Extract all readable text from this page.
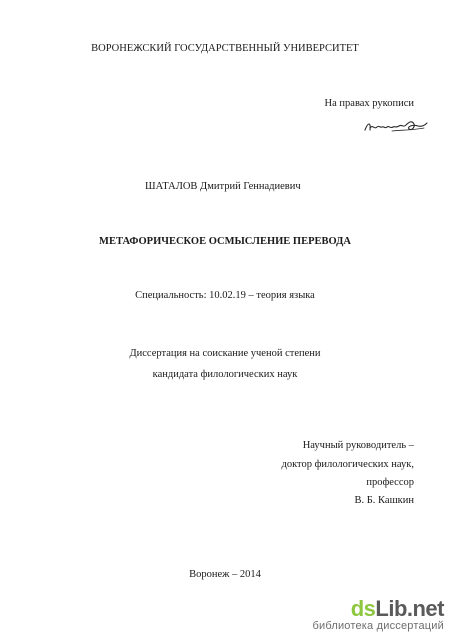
ВОРОНЕЖСКИЙ ГОСУДАРСТВЕННЫЙ УНИВЕРСИТЕТ
На правах рукописи
ШАТАЛОВ Дмитрий Геннадиевич
МЕТАФОРИЧЕСКОЕ ОСМЫСЛЕНИЕ ПЕРЕВОДА
Специальность: 10.02.19 – теория языка
Диссертация на соискание ученой степени
кандидата филологических наук
Научный руководитель –
доктор филологических наук,
профессор
В. Б. Кашкин
Воронеж – 2014
dsLib.net
библиотека диссертаций
